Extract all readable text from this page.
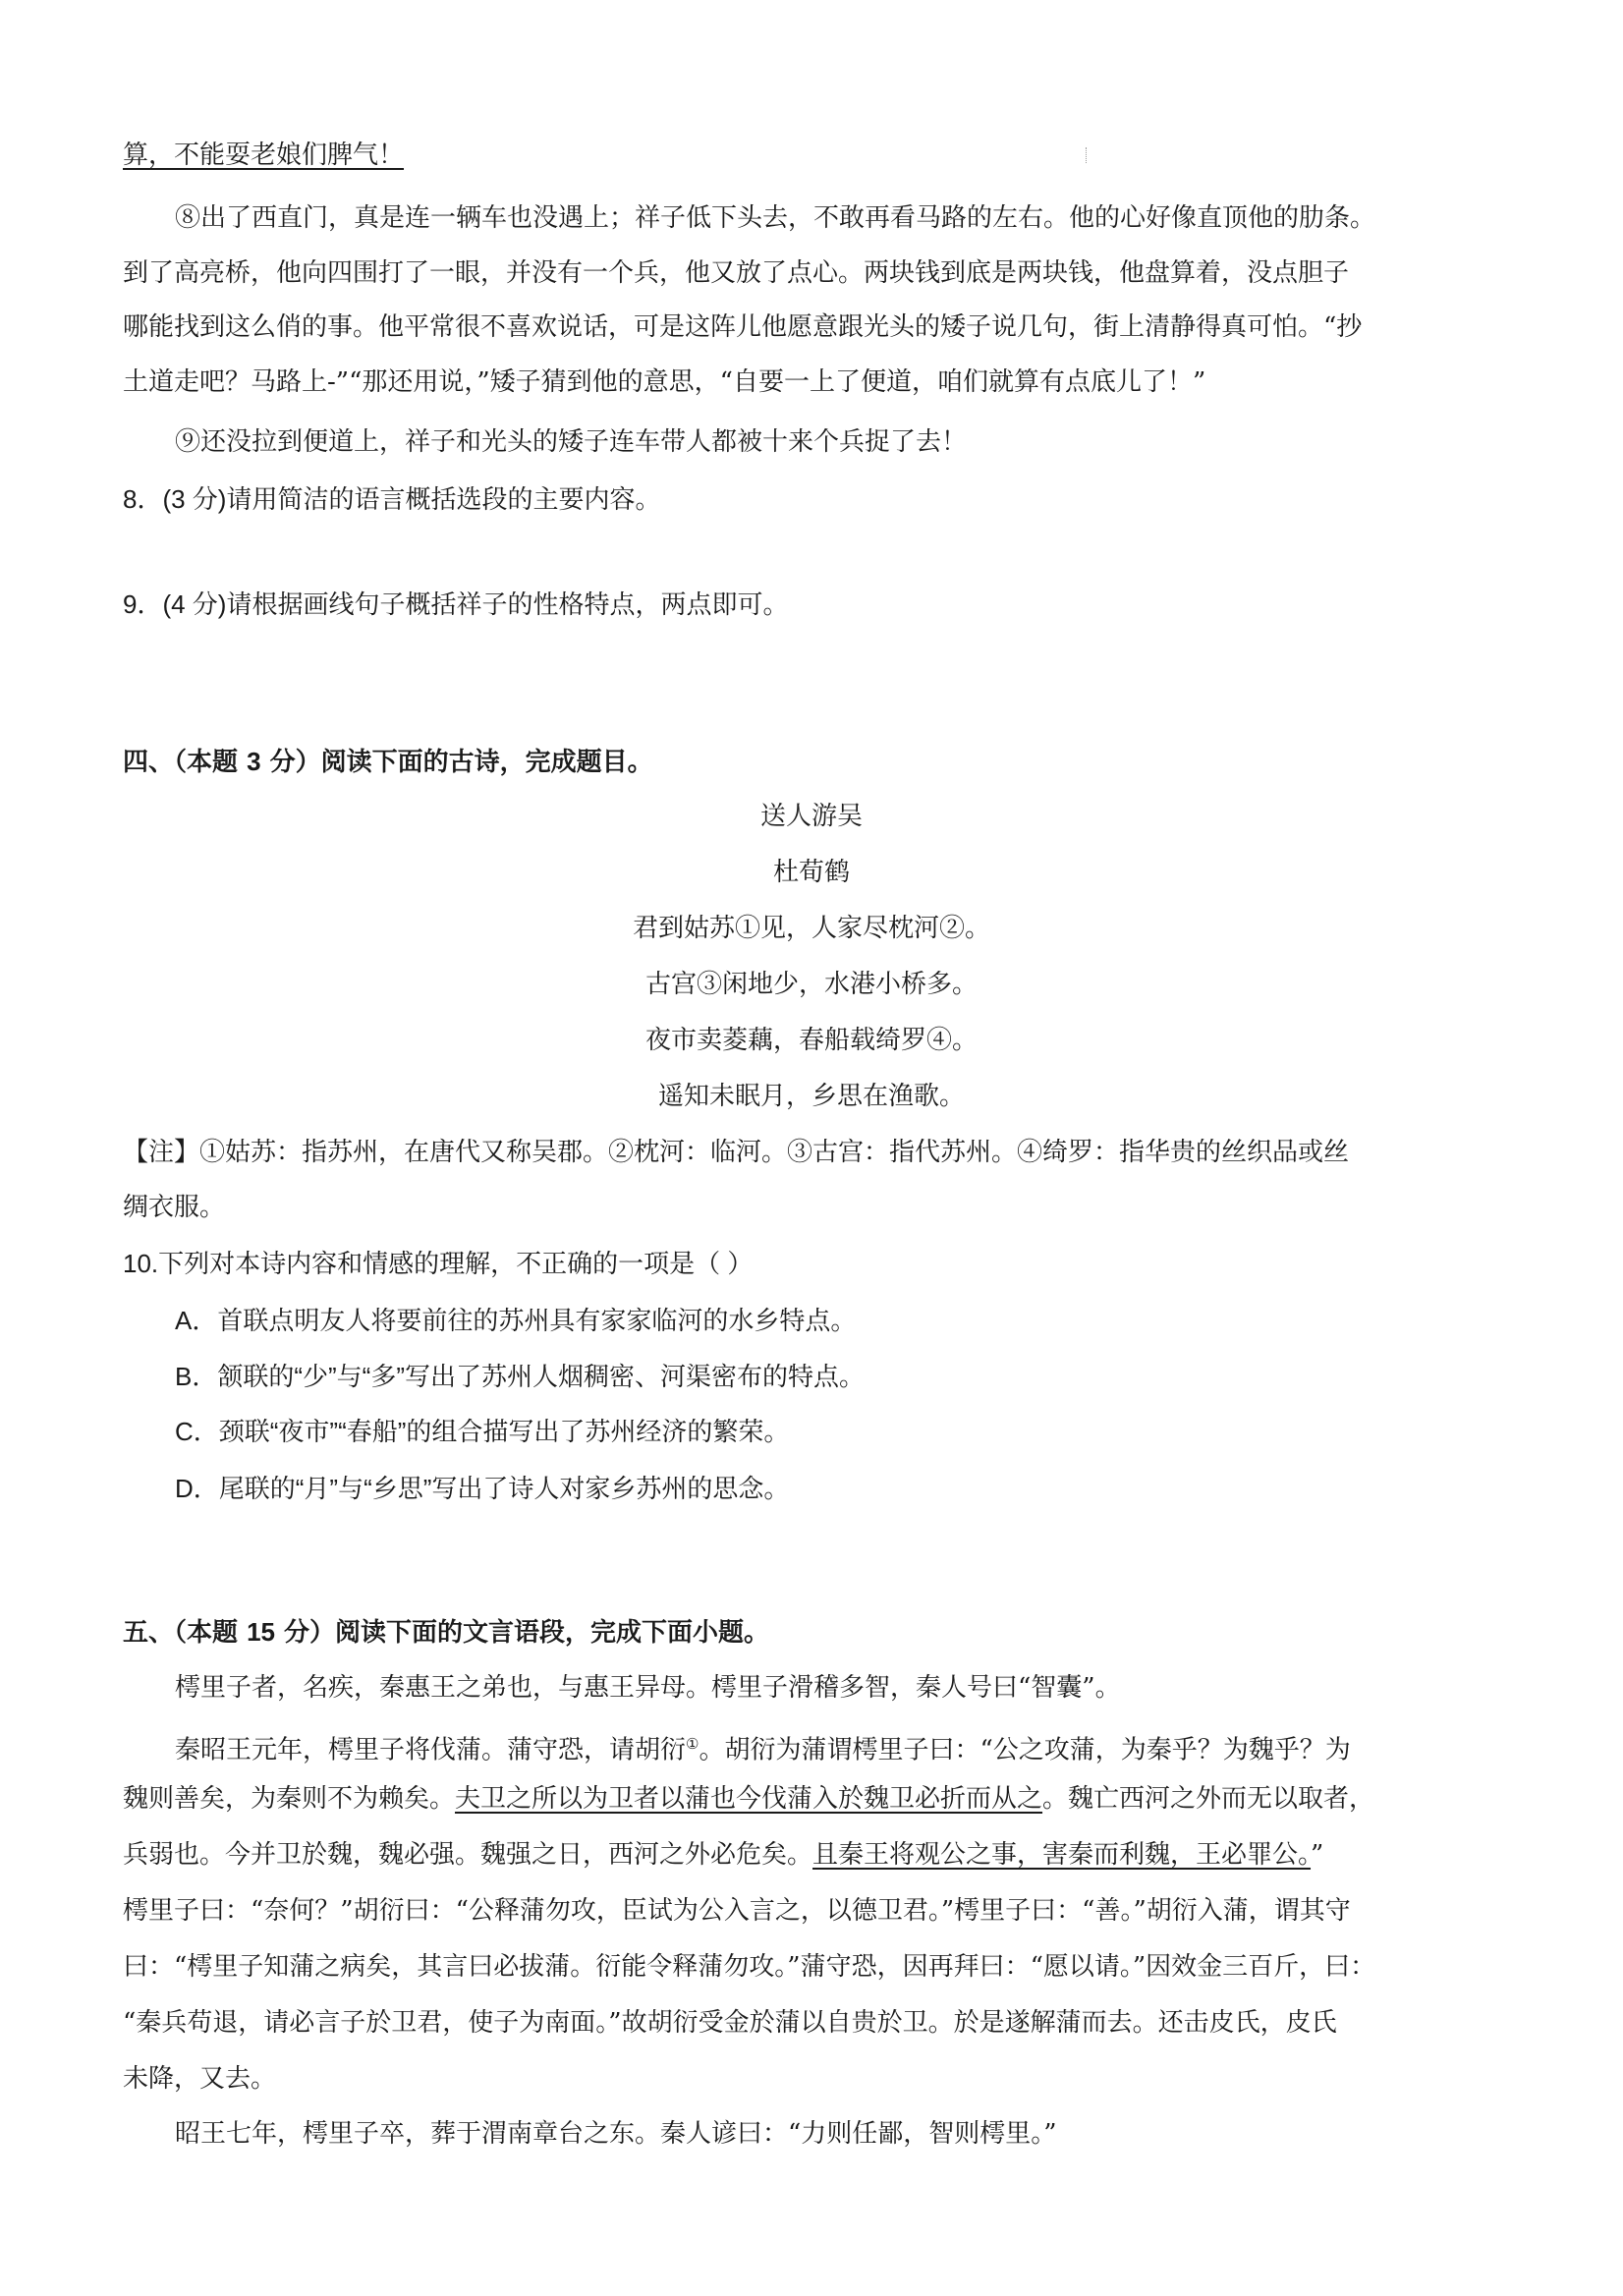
算，不能耍老娘们脾气！
⑧出了西直门，真是连一辆车也没遇上；祥子低下头去，不敢再看马路的左右。他的心好像直顶他的肋条。
到了高亮桥，他向四围打了一眼，并没有一个兵，他又放了点心。两块钱到底是两块钱，他盘算着，没点胆子
哪能找到这么俏的事。他平常很不喜欢说话，可是这阵儿他愿意跟光头的矮子说几句，街上清静得真可怕。“抄
土道走吧？马路上-”“那还用说，”矮子猜到他的意思，“自要一上了便道，咱们就算有点底儿了！”
⑨还没拉到便道上，祥子和光头的矮子连车带人都被十来个兵捉了去！
8．(3 分)请用简洁的语言概括选段的主要内容。
9．(4 分)请根据画线句子概括祥子的性格特点，两点即可。
四、（本题 3 分）阅读下面的古诗，完成题目。
送人游吴
杜荀鹤
君到姑苏①见，人家尽枕河②。
古宫③闲地少，水港小桥多。
夜市卖菱藕，春船载绮罗④。
遥知未眠月，乡思在渔歌。
【注】①姑苏：指苏州，在唐代又称吴郡。②枕河：临河。③古宫：指代苏州。④绮罗：指华贵的丝织品或丝
绸衣服。
10.下列对本诗内容和情感的理解，不正确的一项是（ ）
A．首联点明友人将要前往的苏州具有家家临河的水乡特点。
B．颔联的“少”与“多”写出了苏州人烟稠密、河渠密布的特点。
C．颈联“夜市”“春船”的组合描写出了苏州经济的繁荣。
D．尾联的“月”与“乡思”写出了诗人对家乡苏州的思念。
五、（本题 15 分）阅读下面的文言语段，完成下面小题。
樗里子者，名疾，秦惠王之弟也，与惠王异母。樗里子滑稽多智，秦人号曰“智囊”。
秦昭王元年，樗里子将伐蒲。蒲守恐，请胡衍①。胡衍为蒲谓樗里子曰：“公之攻蒲，为秦乎？为魏乎？为
魏则善矣，为秦则不为赖矣。夫卫之所以为卫者以蒲也今伐蒲入於魏卫必折而从之。魏亡西河之外而无以取者，
兵弱也。今并卫於魏，魏必强。魏强之日，西河之外必危矣。且秦王将观公之事，害秦而利魏，王必罪公。”
樗里子曰：“奈何？”胡衍曰：“公释蒲勿攻，臣试为公入言之，以德卫君。”樗里子曰：“善。”胡衍入蒲，谓其守
曰：“樗里子知蒲之病矣，其言曰必拔蒲。衍能令释蒲勿攻。”蒲守恐，因再拜曰：“愿以请。”因效金三百斤，曰：
“秦兵苟退，请必言子於卫君，使子为南面。”故胡衍受金於蒲以自贵於卫。於是遂解蒲而去。还击皮氏，皮氏
未降，又去。
昭王七年，樗里子卒，葬于渭南章台之东。秦人谚曰：“力则任鄙，智则樗里。”
